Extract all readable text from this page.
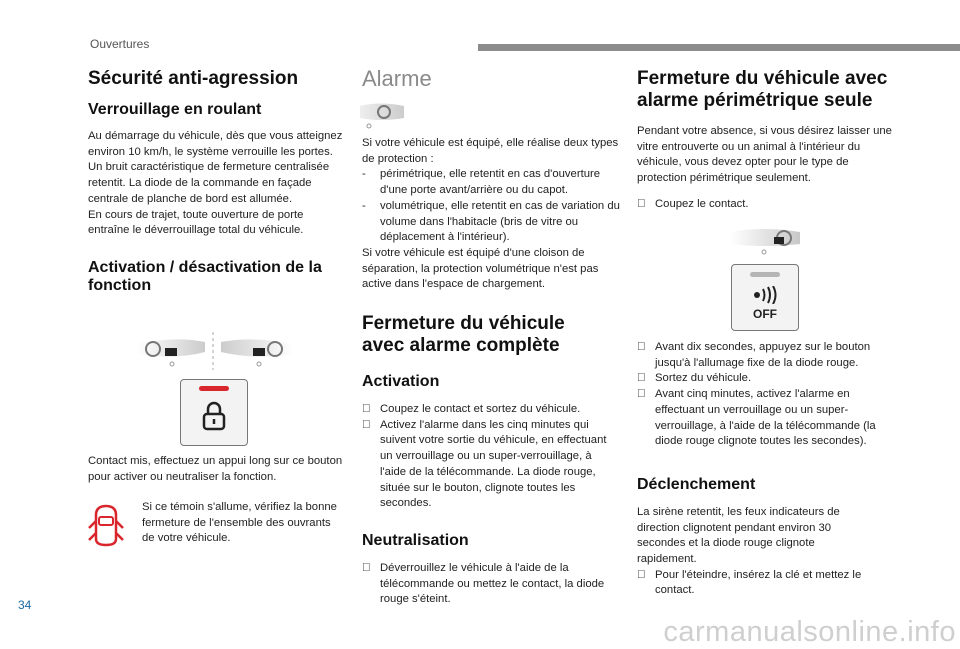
Ouvertures
Sécurité anti-agression
Verrouillage en roulant

Au démarrage du véhicule, dès que vous atteignez environ 10 km/h, le système verrouille les portes. Un bruit caractéristique de fermeture centralisée retentit. La diode de la commande en façade centrale de planche de bord est allumée.

En cours de trajet, toute ouverture de porte entraîne le déverrouillage total du véhicule.

Activation / désactivation de la fonction

Contact mis, effectuez un appui long sur ce bouton pour activer ou neutraliser la fonction.

Si ce témoin s'allume, vérifiez la bonne fermeture de l'ensemble des ouvrants de votre véhicule.

Alarme

Si votre véhicule est équipé, elle réalise deux types de protection :

- périmétrique, elle retentit en cas d'ouverture d'une porte avant/arrière ou du capot.
- volumétrique, elle retentit en cas de variation du volume dans l'habitacle (bris de vitre ou déplacement à l'intérieur).

Si votre véhicule est équipé d'une cloison de séparation, la protection volumétrique n'est pas active dans l'espace de chargement.

Fermeture du véhicule avec alarme complète
Activation
Coupez le contact et sortez du véhicule.
Activez l'alarme dans les cinq minutes qui suivent votre sortie du véhicule, en effectuant un verrouillage ou un super-verrouillage, à l'aide de la télécommande. La diode rouge, située sur le bouton, clignote toutes les secondes.
Neutralisation
Déverrouillez le véhicule à l'aide de la télécommande ou mettez le contact, la diode rouge s'éteint.
Fermeture du véhicule avec alarme périmétrique seule

Pendant votre absence, si vous désirez laisser une vitre entrouverte ou un animal à l'intérieur du véhicule, vous devez opter pour le type de protection périmétrique seulement.

Coupez le contact.
OFF
Avant dix secondes, appuyez sur le bouton jusqu'à l'allumage fixe de la diode rouge.
Sortez du véhicule.
Avant cinq minutes, activez l'alarme en effectuant un verrouillage ou un super-verrouillage, à l'aide de la télécommande (la diode rouge clignote toutes les secondes).
Déclenchement

La sirène retentit, les feux indicateurs de direction clignotent pendant environ 30 secondes et la diode rouge clignote rapidement.

Pour l'éteindre, insérez la clé et mettez le contact.
34
carmanualsonline.info
